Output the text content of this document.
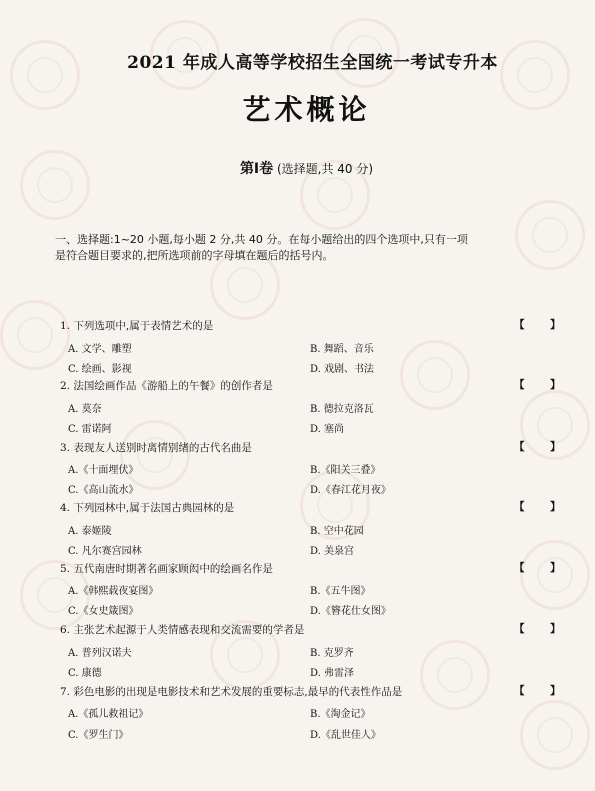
2021 年成人高等学校招生全国统一考试专升本
艺术概论
第Ⅰ卷 (选择题,共 40 分)
一、选择题:1~20 小题,每小题 2 分,共 40 分。在每小题给出的四个选项中,只有一项是符合题目要求的,把所选项前的字母填在题后的括号内。
1. 下列选项中,属于表情艺术的是	【       】
A. 文学、雕塑	B. 舞蹈、音乐
C. 绘画、影视	D. 戏剧、书法
2. 法国绘画作品《游船上的午餐》的创作者是	【       】
A. 莫奈	B. 德拉克洛瓦
C. 雷诺阿	D. 塞尚
3. 表现友人送别时离情别绪的古代名曲是	【       】
A.《十面埋伏》	B.《阳关三叠》
C.《高山流水》	D.《春江花月夜》
4. 下列园林中,属于法国古典园林的是	【       】
A. 泰姬陵	B. 空中花园
C. 凡尔赛宫园林	D. 美泉宫
5. 五代南唐时期著名画家顾闳中的绘画名作是	【       】
A.《韩熙载夜宴图》	B.《五牛图》
C.《女史箴图》	D.《簪花仕女图》
6. 主张艺术起源于人类情感表现和交流需要的学者是	【       】
A. 普列汉诺夫	B. 克罗齐
C. 康德	D. 弗雷泽
7. 彩色电影的出现是电影技术和艺术发展的重要标志,最早的代表性作品是	【       】
A.《孤儿救祖记》	B.《淘金记》
C.《罗生门》	D.《乱世佳人》
